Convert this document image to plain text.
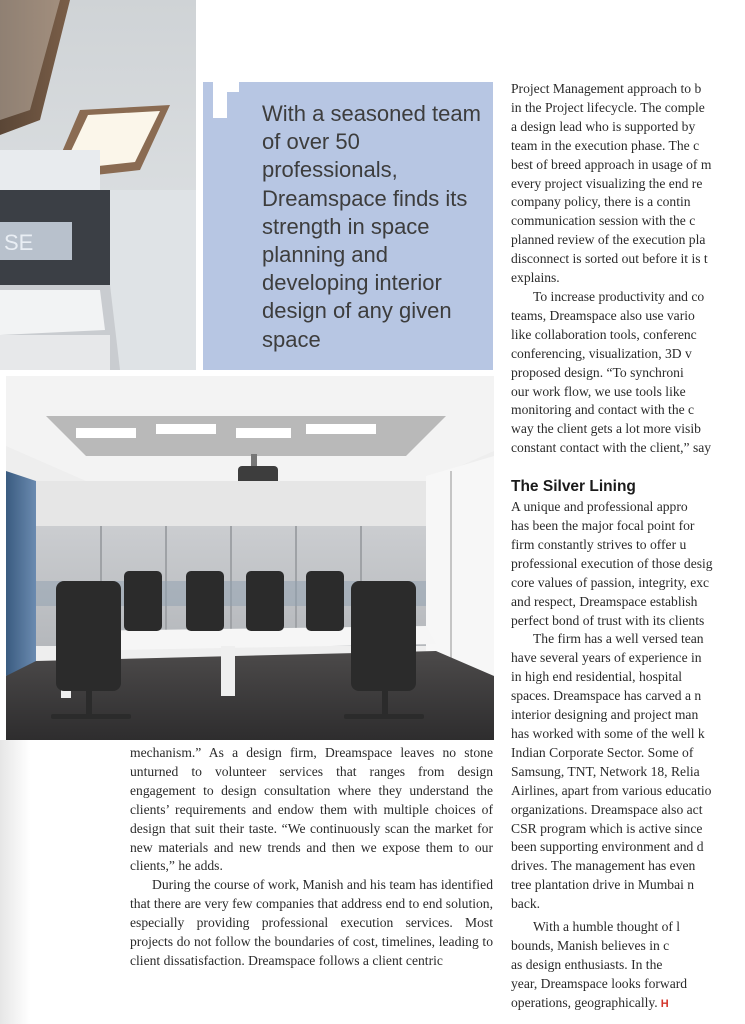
SE
With a seasoned team of over 50 professionals, Dreamspace finds its strength in space planning and developing interior design of any given space

mechanism.” As a design firm, Dreamspace leaves no stone unturned to volunteer services that ranges from design engagement to design consultation where they understand the clients’ requirements and endow them with multiple choices of design that suit their taste. “We continuously scan the market for new materials and new trends and then we expose them to our clients,” he adds.

During the course of work, Manish and his team has identified that there are very few companies that address end to end solution, especially providing professional execution services. Most projects do not follow the boundaries of cost, timelines, leading to client dissatisfaction. Dreamspace follows a client centric

Project Management approach to b
in the Project lifecycle. The comple
a design lead who is supported by
team in the execution phase. The c
best of breed approach in usage of m
every project visualizing the end re
company policy, there is a contin
communication session with the c
planned review of the execution pla
disconnect is sorted out before it is t
explains.
To increase productivity and co
teams, Dreamspace also use vario
like collaboration tools, conferenc
conferencing, visualization, 3D v
proposed design. “To synchroni
our work flow, we use tools like
monitoring and contact with the c
way the client gets a lot more visib
constant contact with the client,” say
The Silver Lining
A unique and professional appro
has been the major focal point for
firm constantly strives to offer u
professional execution of those desig
core values of passion, integrity, exc
and respect, Dreamspace establish
perfect bond of trust with its clients
The firm has a well versed tean
have several years of experience in
in high end residential, hospital
spaces. Dreamspace has carved a n
interior designing and project man
has worked with some of the well k
Indian Corporate Sector. Some of
Samsung, TNT, Network 18, Relia
Airlines, apart from various educatio
organizations. Dreamspace also act
CSR program which is active since
been supporting environment and d
drives. The management has even
tree plantation drive in Mumbai n
back.
With a humble thought of l
bounds, Manish believes in c
as design enthusiasts. In the
year, Dreamspace looks forward
operations, geographically. H
